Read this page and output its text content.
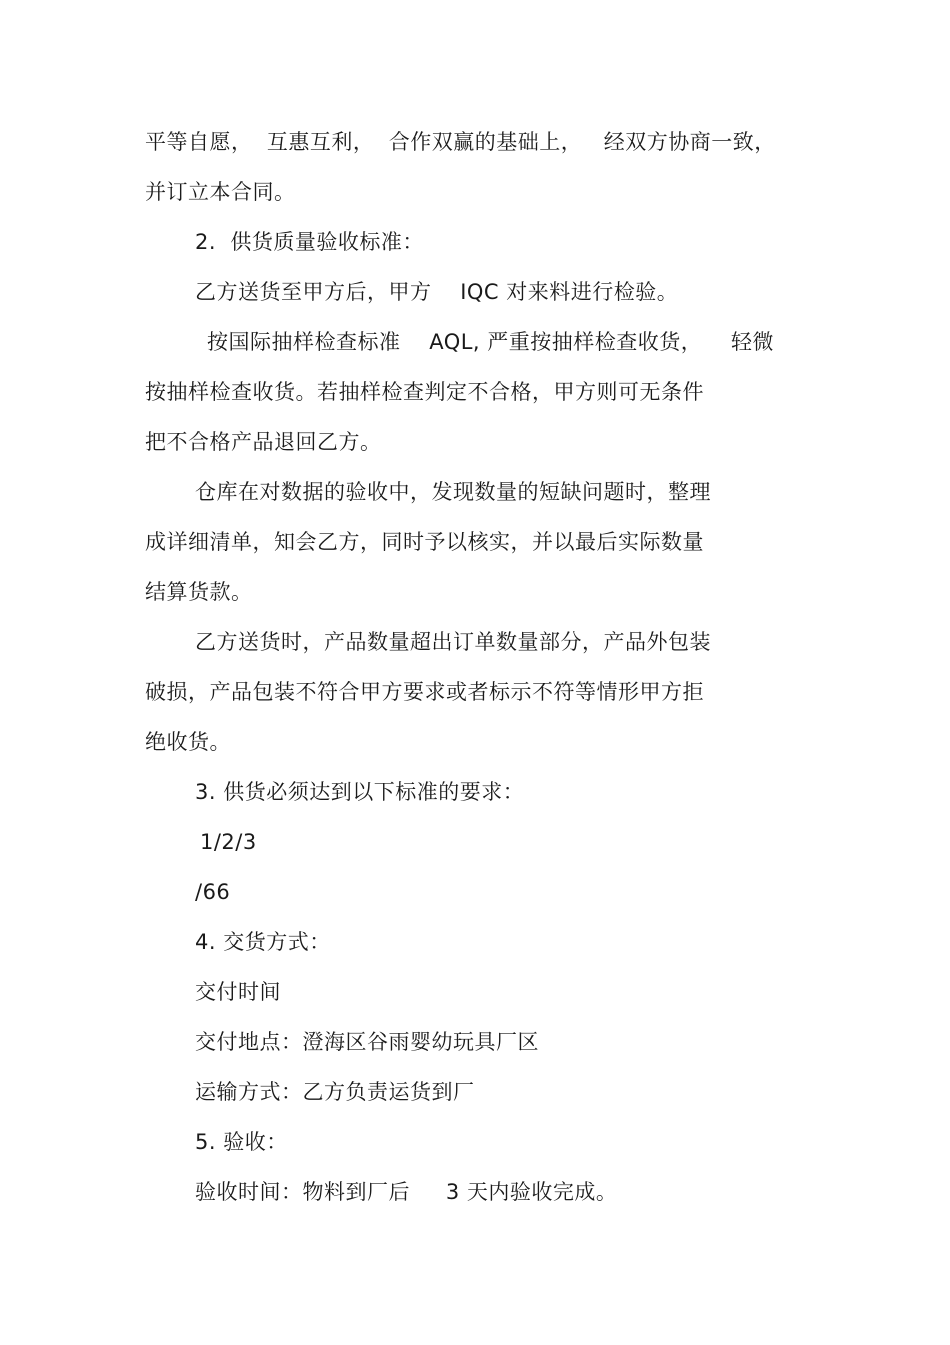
平等自愿，  互惠互利，  合作双赢的基础上，   经双方协商一致，
并订立本合同。
2.  供货质量验收标准：
乙方送货至甲方后，甲方    IQC 对来料进行检验。
按国际抽样检查标准    AQL, 严重按抽样检查收货，    轻微
按抽样检查收货。若抽样检查判定不合格，甲方则可无条件
把不合格产品退回乙方。
仓库在对数据的验收中，发现数量的短缺问题时，整理
成详细清单，知会乙方，同时予以核实，并以最后实际数量
结算货款。
乙方送货时，产品数量超出订单数量部分，产品外包装
破损，产品包装不符合甲方要求或者标示不符等情形甲方拒
绝收货。
3. 供货必须达到以下标准的要求：
1/2/3
/66
4. 交货方式：
交付时间
交付地点：澄海区谷雨婴幼玩具厂区
运输方式：乙方负责运货到厂
5. 验收：
验收时间：物料到厂后     3 天内验收完成。
